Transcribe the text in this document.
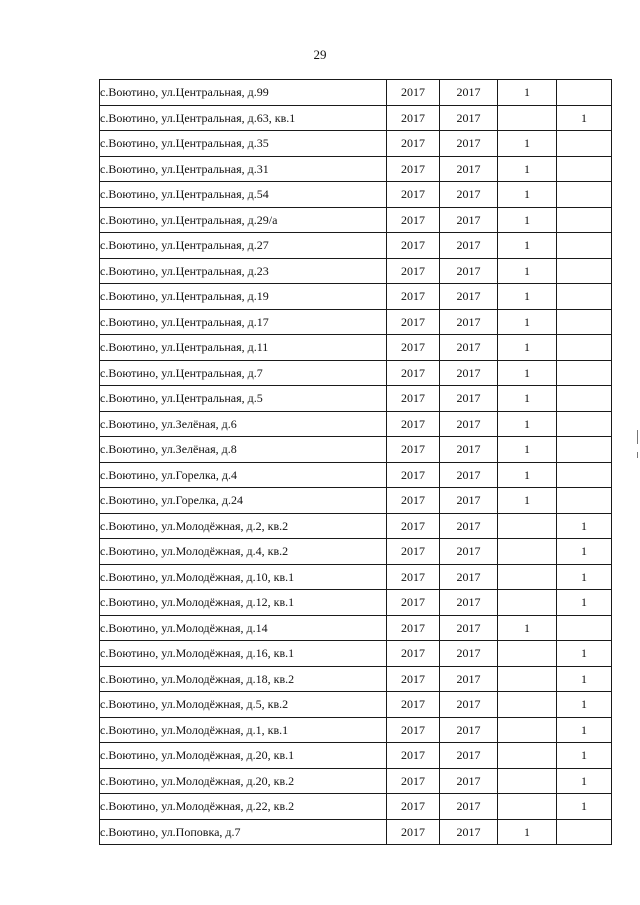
29
с.Воютино, ул.Центральная, д.99	2017	2017	1	
с.Воютино, ул.Центральная, д.63, кв.1	2017	2017		1
с.Воютино, ул.Центральная, д.35	2017	2017	1	
с.Воютино, ул.Центральная, д.31	2017	2017	1	
с.Воютино, ул.Центральная, д.54	2017	2017	1	
с.Воютино, ул.Центральная, д.29/а	2017	2017	1	
с.Воютино, ул.Центральная, д.27	2017	2017	1	
с.Воютино, ул.Центральная, д.23	2017	2017	1	
с.Воютино, ул.Центральная, д.19	2017	2017	1	
с.Воютино, ул.Центральная, д.17	2017	2017	1	
с.Воютино, ул.Центральная, д.11	2017	2017	1	
с.Воютино, ул.Центральная, д.7	2017	2017	1	
с.Воютино, ул.Центральная, д.5	2017	2017	1	
с.Воютино, ул.Зелёная, д.6	2017	2017	1	
с.Воютино, ул.Зелёная, д.8	2017	2017	1	
с.Воютино, ул.Горелка, д.4	2017	2017	1	
с.Воютино, ул.Горелка, д.24	2017	2017	1	
с.Воютино, ул.Молодёжная, д.2, кв.2	2017	2017		1
с.Воютино, ул.Молодёжная, д.4, кв.2	2017	2017		1
с.Воютино, ул.Молодёжная, д.10, кв.1	2017	2017		1
с.Воютино, ул.Молодёжная, д.12, кв.1	2017	2017		1
с.Воютино, ул.Молодёжная, д.14	2017	2017	1	
с.Воютино, ул.Молодёжная, д.16, кв.1	2017	2017		1
с.Воютино, ул.Молодёжная, д.18, кв.2	2017	2017		1
с.Воютино, ул.Молодёжная, д.5, кв.2	2017	2017		1
с.Воютино, ул.Молодёжная, д.1, кв.1	2017	2017		1
с.Воютино, ул.Молодёжная, д.20, кв.1	2017	2017		1
с.Воютино, ул.Молодёжная, д.20, кв.2	2017	2017		1
с.Воютино, ул.Молодёжная, д.22, кв.2	2017	2017		1
с.Воютино, ул.Поповка, д.7	2017	2017	1	
